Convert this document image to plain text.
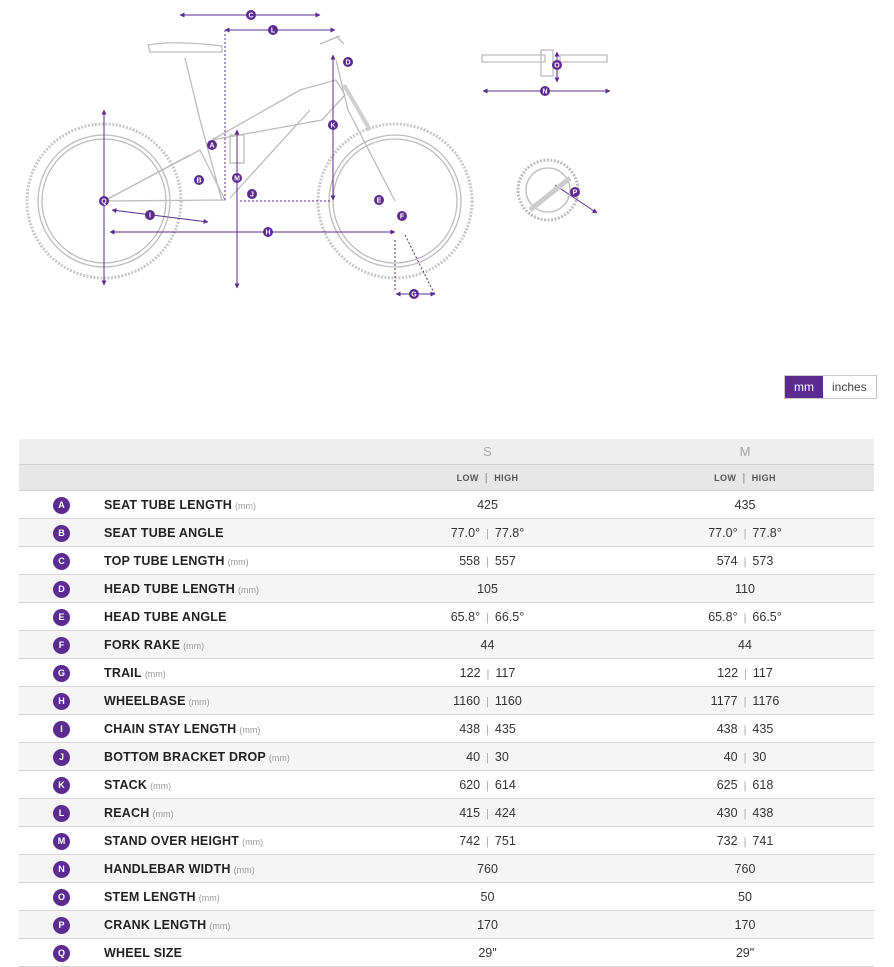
C
L
D
K
A
M
B
J
E
F
Q
I
H
G
O
N
P
mm	inches
		S	M
		LOW | HIGH	LOW | HIGH
A	SEAT TUBE LENGTH (mm)	425	435
B	SEAT TUBE ANGLE	77.0° | 77.8°	77.0° | 77.8°
C	TOP TUBE LENGTH (mm)	558 | 557	574 | 573
D	HEAD TUBE LENGTH (mm)	105	110
E	HEAD TUBE ANGLE	65.8° | 66.5°	65.8° | 66.5°
F	FORK RAKE (mm)	44	44
G	TRAIL (mm)	122 | 117	122 | 117
H	WHEELBASE (mm)	1160 | 1160	1177 | 1176
I	CHAIN STAY LENGTH (mm)	438 | 435	438 | 435
J	BOTTOM BRACKET DROP (mm)	40 | 30	40 | 30
K	STACK (mm)	620 | 614	625 | 618
L	REACH (mm)	415 | 424	430 | 438
M	STAND OVER HEIGHT (mm)	742 | 751	732 | 741
N	HANDLEBAR WIDTH (mm)	760	760
O	STEM LENGTH (mm)	50	50
P	CRANK LENGTH (mm)	170	170
Q	WHEEL SIZE	29"	29"
